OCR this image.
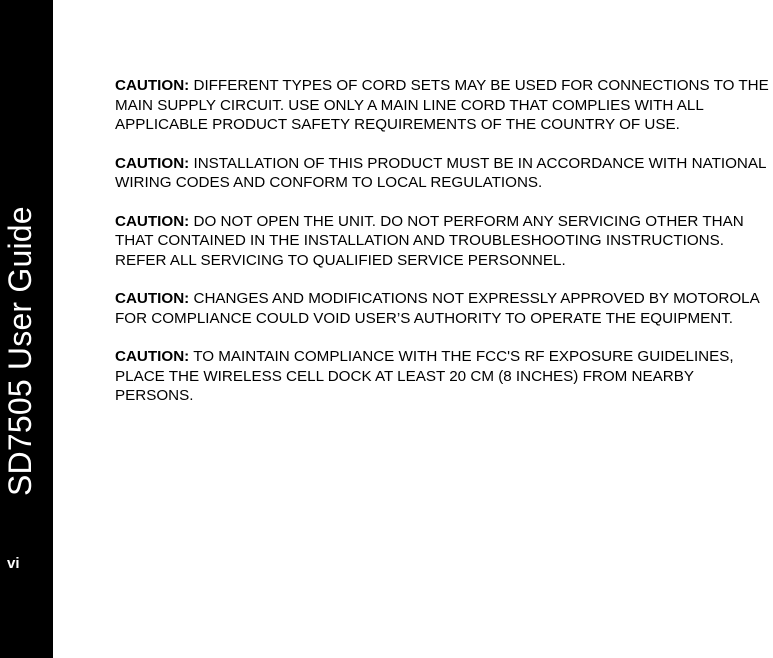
SD7505 User Guide
vi

CAUTION: DIFFERENT TYPES OF CORD SETS MAY BE USED FOR CONNECTIONS TO THE MAIN SUPPLY CIRCUIT. USE ONLY A MAIN LINE CORD THAT COMPLIES WITH ALL APPLICABLE PRODUCT SAFETY REQUIREMENTS OF THE COUNTRY OF USE.

CAUTION: INSTALLATION OF THIS PRODUCT MUST BE IN ACCORDANCE WITH NATIONAL WIRING CODES AND CONFORM TO LOCAL REGULATIONS.

CAUTION: DO NOT OPEN THE UNIT. DO NOT PERFORM ANY SERVICING OTHER THAN THAT CONTAINED IN THE INSTALLATION AND TROUBLESHOOTING INSTRUCTIONS. REFER ALL SERVICING TO QUALIFIED SERVICE PERSONNEL.

CAUTION: CHANGES AND MODIFICATIONS NOT EXPRESSLY APPROVED BY MOTOROLA FOR COMPLIANCE COULD VOID USER’S AUTHORITY TO OPERATE THE EQUIPMENT.

CAUTION: TO MAINTAIN COMPLIANCE WITH THE FCC'S RF EXPOSURE GUIDELINES, PLACE THE WIRELESS CELL DOCK AT LEAST 20 CM (8 INCHES) FROM NEARBY PERSONS.
